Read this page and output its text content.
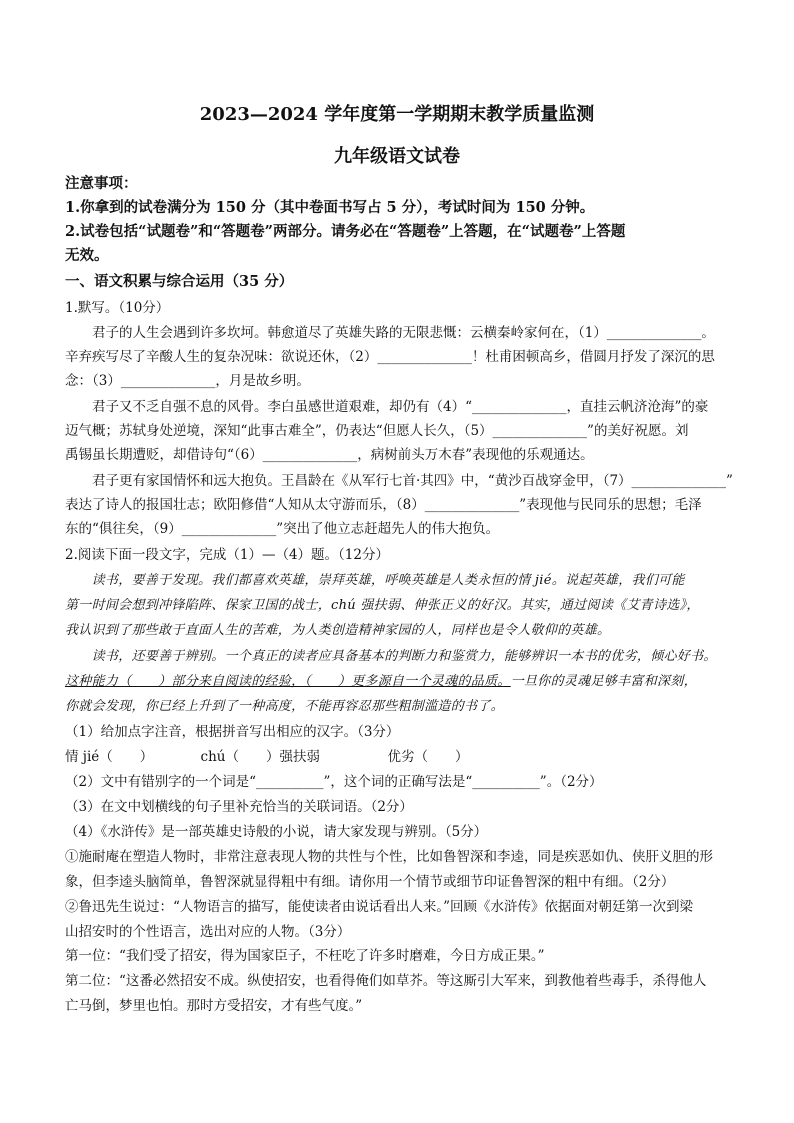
2023—2024 学年度第一学期期末教学质量监测
九年级语文试卷
注意事项：
1.你拿到的试卷满分为 150 分（其中卷面书写占 5 分），考试时间为 150 分钟。
2.试卷包括“试题卷”和“答题卷”两部分。请务必在“答题卷”上答题，在“试题卷”上答题
无效。
一、语文积累与综合运用（35 分）
1.默写。（10分）
　　君子的人生会遇到许多坎坷。韩愈道尽了英雄失路的无限悲慨：云横秦岭家何在，（1）______________。
辛弃疾写尽了辛酸人生的复杂况味：欲说还休，（2）______________！杜甫困顿高乡，借圆月抒发了深沉的思
念：（3）______________，月是故乡明。
　　君子又不乏自强不息的风骨。李白虽感世道艰难，却仍有（4）“______________，直挂云帆济沧海”的豪
迈气概；苏轼身处逆境，深知“此事古难全”，仍表达“但愿人长久，（5）______________”的美好祝愿。刘
禹锡虽长期遭贬，却借诗句“（6）______________，病树前头万木春”表现他的乐观通达。
　　君子更有家国情怀和远大抱负。王昌龄在《从军行七首·其四》中，“黄沙百战穿金甲，（7）______________”
表达了诗人的报国壮志；欧阳修借“人知从太守游而乐，（8）______________”表现他与民同乐的思想；毛泽
东的“俱往矣，（9）______________”突出了他立志赶超先人的伟大抱负。
2.阅读下面一段文字，完成（1）—（4）题。（12分）
　　读书，要善于发现。我们都喜欢英雄，崇拜英雄，呼唤英雄是人类永恒的情 jié。说起英雄，我们可能
第一时间会想到冲锋陷阵、保家卫国的战士，chú 强扶弱、伸张正义的好汉。其实，通过阅读《艾青诗选》，
我认识到了那些敢于直面人生的苦难，为人类创造精神家园的人，同样也是令人敬仰的英雄。
　　读书，还要善于辨别。一个真正的读者应具备基本的判断力和鉴赏力，能够辨识一本书的优劣，倾心好书。
这种能力（　　）部分来自阅读的经验，（　　）更多源自一个灵魂的品质。一旦你的灵魂足够丰富和深刻，
你就会发现，你已经上升到了一种高度，不能再容忍那些粗制滥造的书了。
（1）给加点字注音，根据拼音写出相应的汉字。（3分）
情 jié（　　）　　　　chú（　　）强扶弱　　　　　优劣（　　）
（2）文中有错别字的一个词是“__________”，这个词的正确写法是“__________”。（2分）
（3）在文中划横线的句子里补充恰当的关联词语。（2分）
（4）《水浒传》是一部英雄史诗般的小说，请大家发现与辨别。（5分）
①施耐庵在塑造人物时，非常注意表现人物的共性与个性，比如鲁智深和李逵，同是疾恶如仇、侠肝义胆的形
象，但李逵头脑简单，鲁智深就显得粗中有细。请你用一个情节或细节印证鲁智深的粗中有细。（2分）
②鲁迅先生说过：“人物语言的描写，能使读者由说话看出人来。”回顾《水浒传》依据面对朝廷第一次到梁
山招安时的个性语言，选出对应的人物。（3分）
第一位：“我们受了招安，得为国家臣子，不枉吃了许多时磨难，今日方成正果。”
第二位：“这番必然招安不成。纵使招安，也看得俺们如草芥。等这厮引大军来，到教他着些毒手，杀得他人
亡马倒，梦里也怕。那时方受招安，才有些气度。”
